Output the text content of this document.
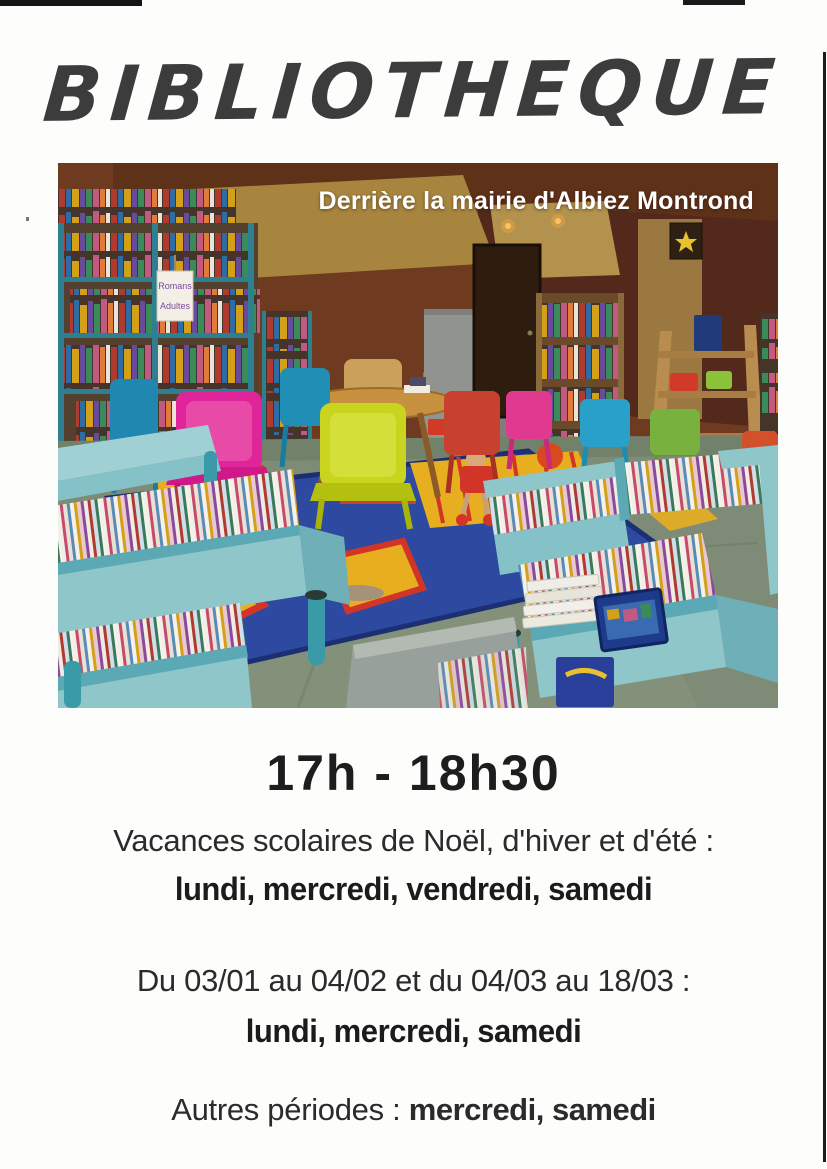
BIBLIOTHEQUE
Romans
Adultes
Derrière la mairie d'Albiez Montrond
17h - 18h30
Vacances scolaires de Noël, d'hiver et d'été :
lundi, mercredi, vendredi, samedi
Du 03/01 au 04/02 et du 04/03 au 18/03 :
lundi, mercredi, samedi
Autres périodes : mercredi, samedi
